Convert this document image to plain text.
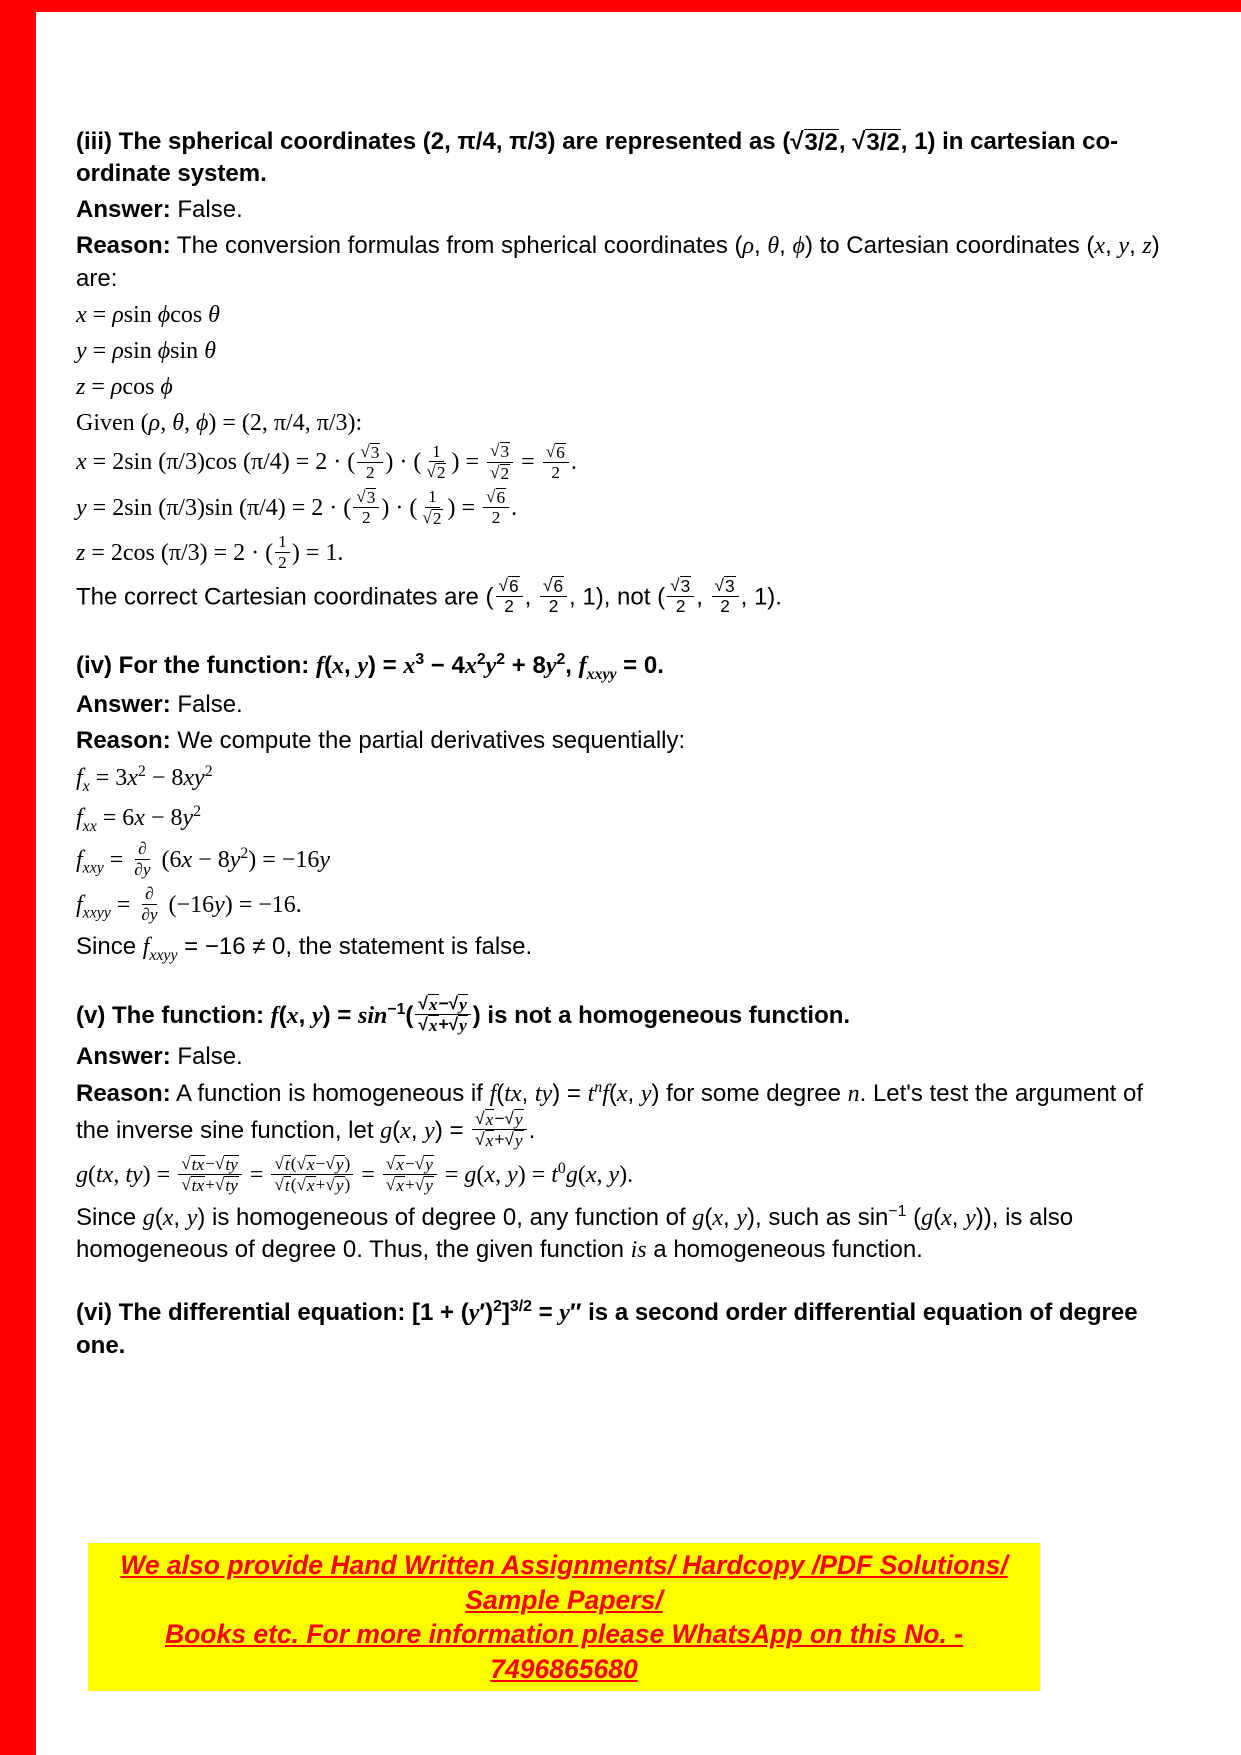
(iii) The spherical coordinates (2, π/4, π/3) are represented as ( √ 3/2 , √ 3/2 , 1) in cartesian co-ordinate system.
Answer: False.
Reason: The conversion formulas from spherical coordinates (ρ, θ, ϕ) to Cartesian coordinates (x, y, z) are:
x = ρsin ϕcos θ
y = ρsin ϕsin θ
z = ρcos ϕ
Given (ρ, θ, ϕ) = (2, π/4, π/3):
x = 2sin (π/3)cos (π/4) = 2 · ( $\frac{√ 3}{2}$ ) · ( $\frac{1}{√ 2}$ ) = $\frac{√ 3}{√ 2} = \frac{√ 6}{2}$ .
y = 2sin (π/3)sin (π/4) = 2 · ( $\frac{√ 3}{2}$ ) · ( $\frac{1}{√ 2}$ ) = $\frac{√ 6}{2}$ .
z = 2cos (π/3) = 2 · ( $\frac{1}{2}$ ) = 1.
The correct Cartesian coordinates are ( $\frac{√ 6}{2}$ , $\frac{√ 6}{2}$ , 1), not ( $\frac{√ 3}{2}$ , $\frac{√ 3}{2}$ , 1).
(iv) For the function: f(x, $y) = x^3 - 4x^2y^2 + 8y^2$, $f_{xxyy} = 0$.
Answer: False.
Reason: We compute the partial derivatives sequentially:
$f_x = 3x^2 - 8xy^2$
$f_{xx} = 6x - 8y^2$
$f_{xxy} = \frac{\partial}{\partial y} (6x - 8y^2) = -16y$
$f_{xxyy} = \frac{\partial}{\partial y} (-16y) = -16$.
Since $f_{xxyy} = -16 \ne 0$, the statement is false.
(v) The function: f(x, $y) = \sin^{-1}( \frac{√ x - √ y}{√ x + √ y}$ ) is not a homogeneous function.
Answer: False.
Reason: A function is homogeneous if f(tx, $ty) = t^nf(x$, y) for some degree n. Let's test the argument of the inverse sine function, let g(x, $y) = \frac{√ x - √ y}{√ x + √ y}$ .
g(tx, $ty) = \frac{√ tx - √ ty}{√ tx + √ ty} = \frac{√ t ( √ x - √ y )}{√ t ( √ x + √ y )} = \frac{√ x - √ y}{√ x + √ y} = g(x$, $y) = t^0g(x$, y).
Since g(x, y) is homogeneous of degree 0, any function of g(x, y), such as $\sin^{-1} (g(x$, y)), is also homogeneous of degree 0. Thus, the given function is a homogeneous function.
(vi) The differential equation: $[1 + (y')^2]^{3/2} = y''$ is a second order differential equation of degree one.
We also provide Hand Written Assignments/ Hardcopy /PDF Solutions/ Sample Papers/
Books etc. For more information please WhatsApp on this No. - 7496865680
